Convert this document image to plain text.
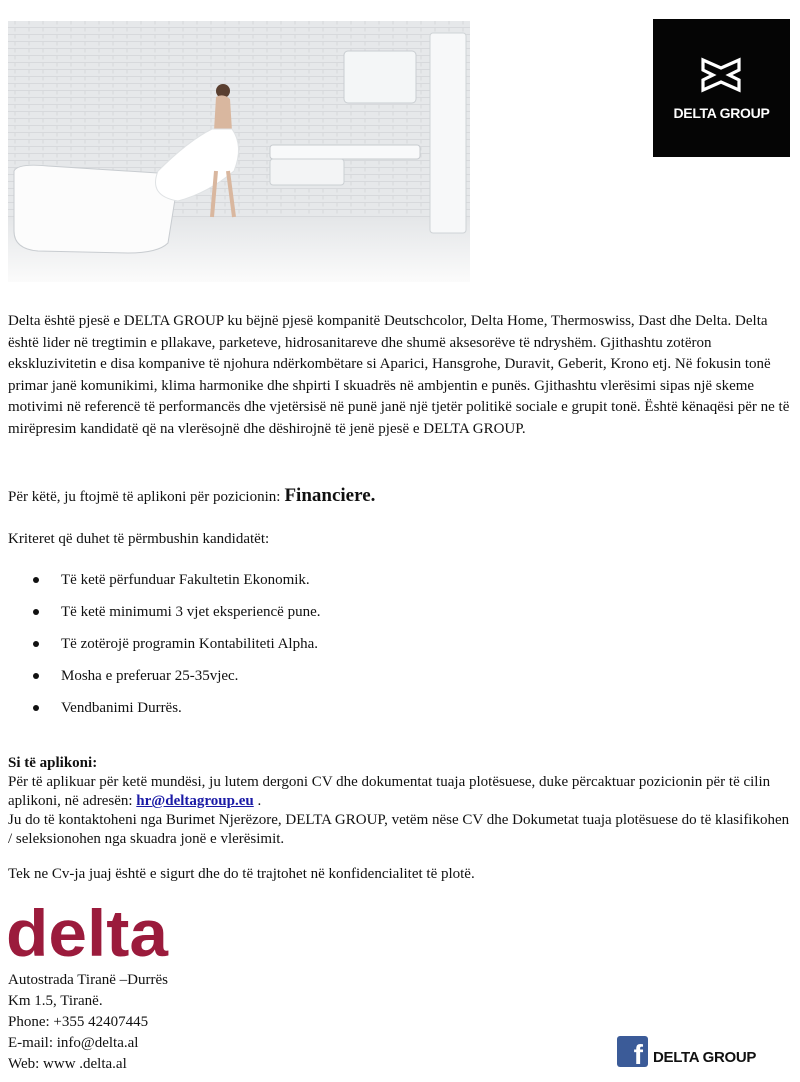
DELTA GROUP
Delta është pjesë e DELTA GROUP ku bëjnë pjesë kompanitë Deutschcolor, Delta Home, Thermoswiss, Dast dhe Delta. Delta është lider në tregtimin e pllakave, parketeve, hidrosanitareve dhe shumë aksesorëve të ndryshëm. Gjithashtu zotëron ekskluzivitetin e disa kompanive të njohura ndërkombëtare si Aparici, Hansgrohe, Duravit, Geberit, Krono etj. Në fokusin tonë primar janë komunikimi, klima harmonike dhe shpirti I skuadrës në ambjentin e punës. Gjithashtu vlerësimi sipas një skeme motivimi në referencë të performancës dhe vjetërsisë në punë janë një tjetër politikë sociale e grupit tonë. Është kënaqësi për ne të mirëpresim kandidatë që na vlerësojnë dhe dëshirojnë të jenë pjesë e DELTA GROUP.
Për këtë, ju ftojmë të aplikoni për pozicionin: Financiere.
Kriteret që duhet të përmbushin kandidatët:
Të ketë përfunduar Fakultetin Ekonomik.
Të ketë minimumi 3 vjet eksperiencë pune.
Të zotërojë programin Kontabiliteti Alpha.
Mosha e preferuar 25-35vjec.
Vendbanimi Durrës.
Si të aplikoni:
Për të aplikuar për ketë mundësi, ju lutem dergoni CV dhe dokumentat tuaja plotësuese, duke përcaktuar pozicionin për të cilin aplikoni, në adresën: hr@deltagroup.eu .
Ju do të kontaktoheni nga Burimet Njerëzore, DELTA GROUP, vetëm nëse CV dhe Dokumetat tuaja plotësuese do të klasifikohen / seleksionohen nga skuadra jonë e vlerësimit.
Tek ne Cv-ja juaj është e sigurt dhe do të trajtohet në konfidencialitet të plotë.
delta
Autostrada Tiranë –Durrës
Km 1.5, Tiranë.
Phone: +355 42407445
E-mail: info@delta.al
Web: www .delta.al	f DELTA GROUP
